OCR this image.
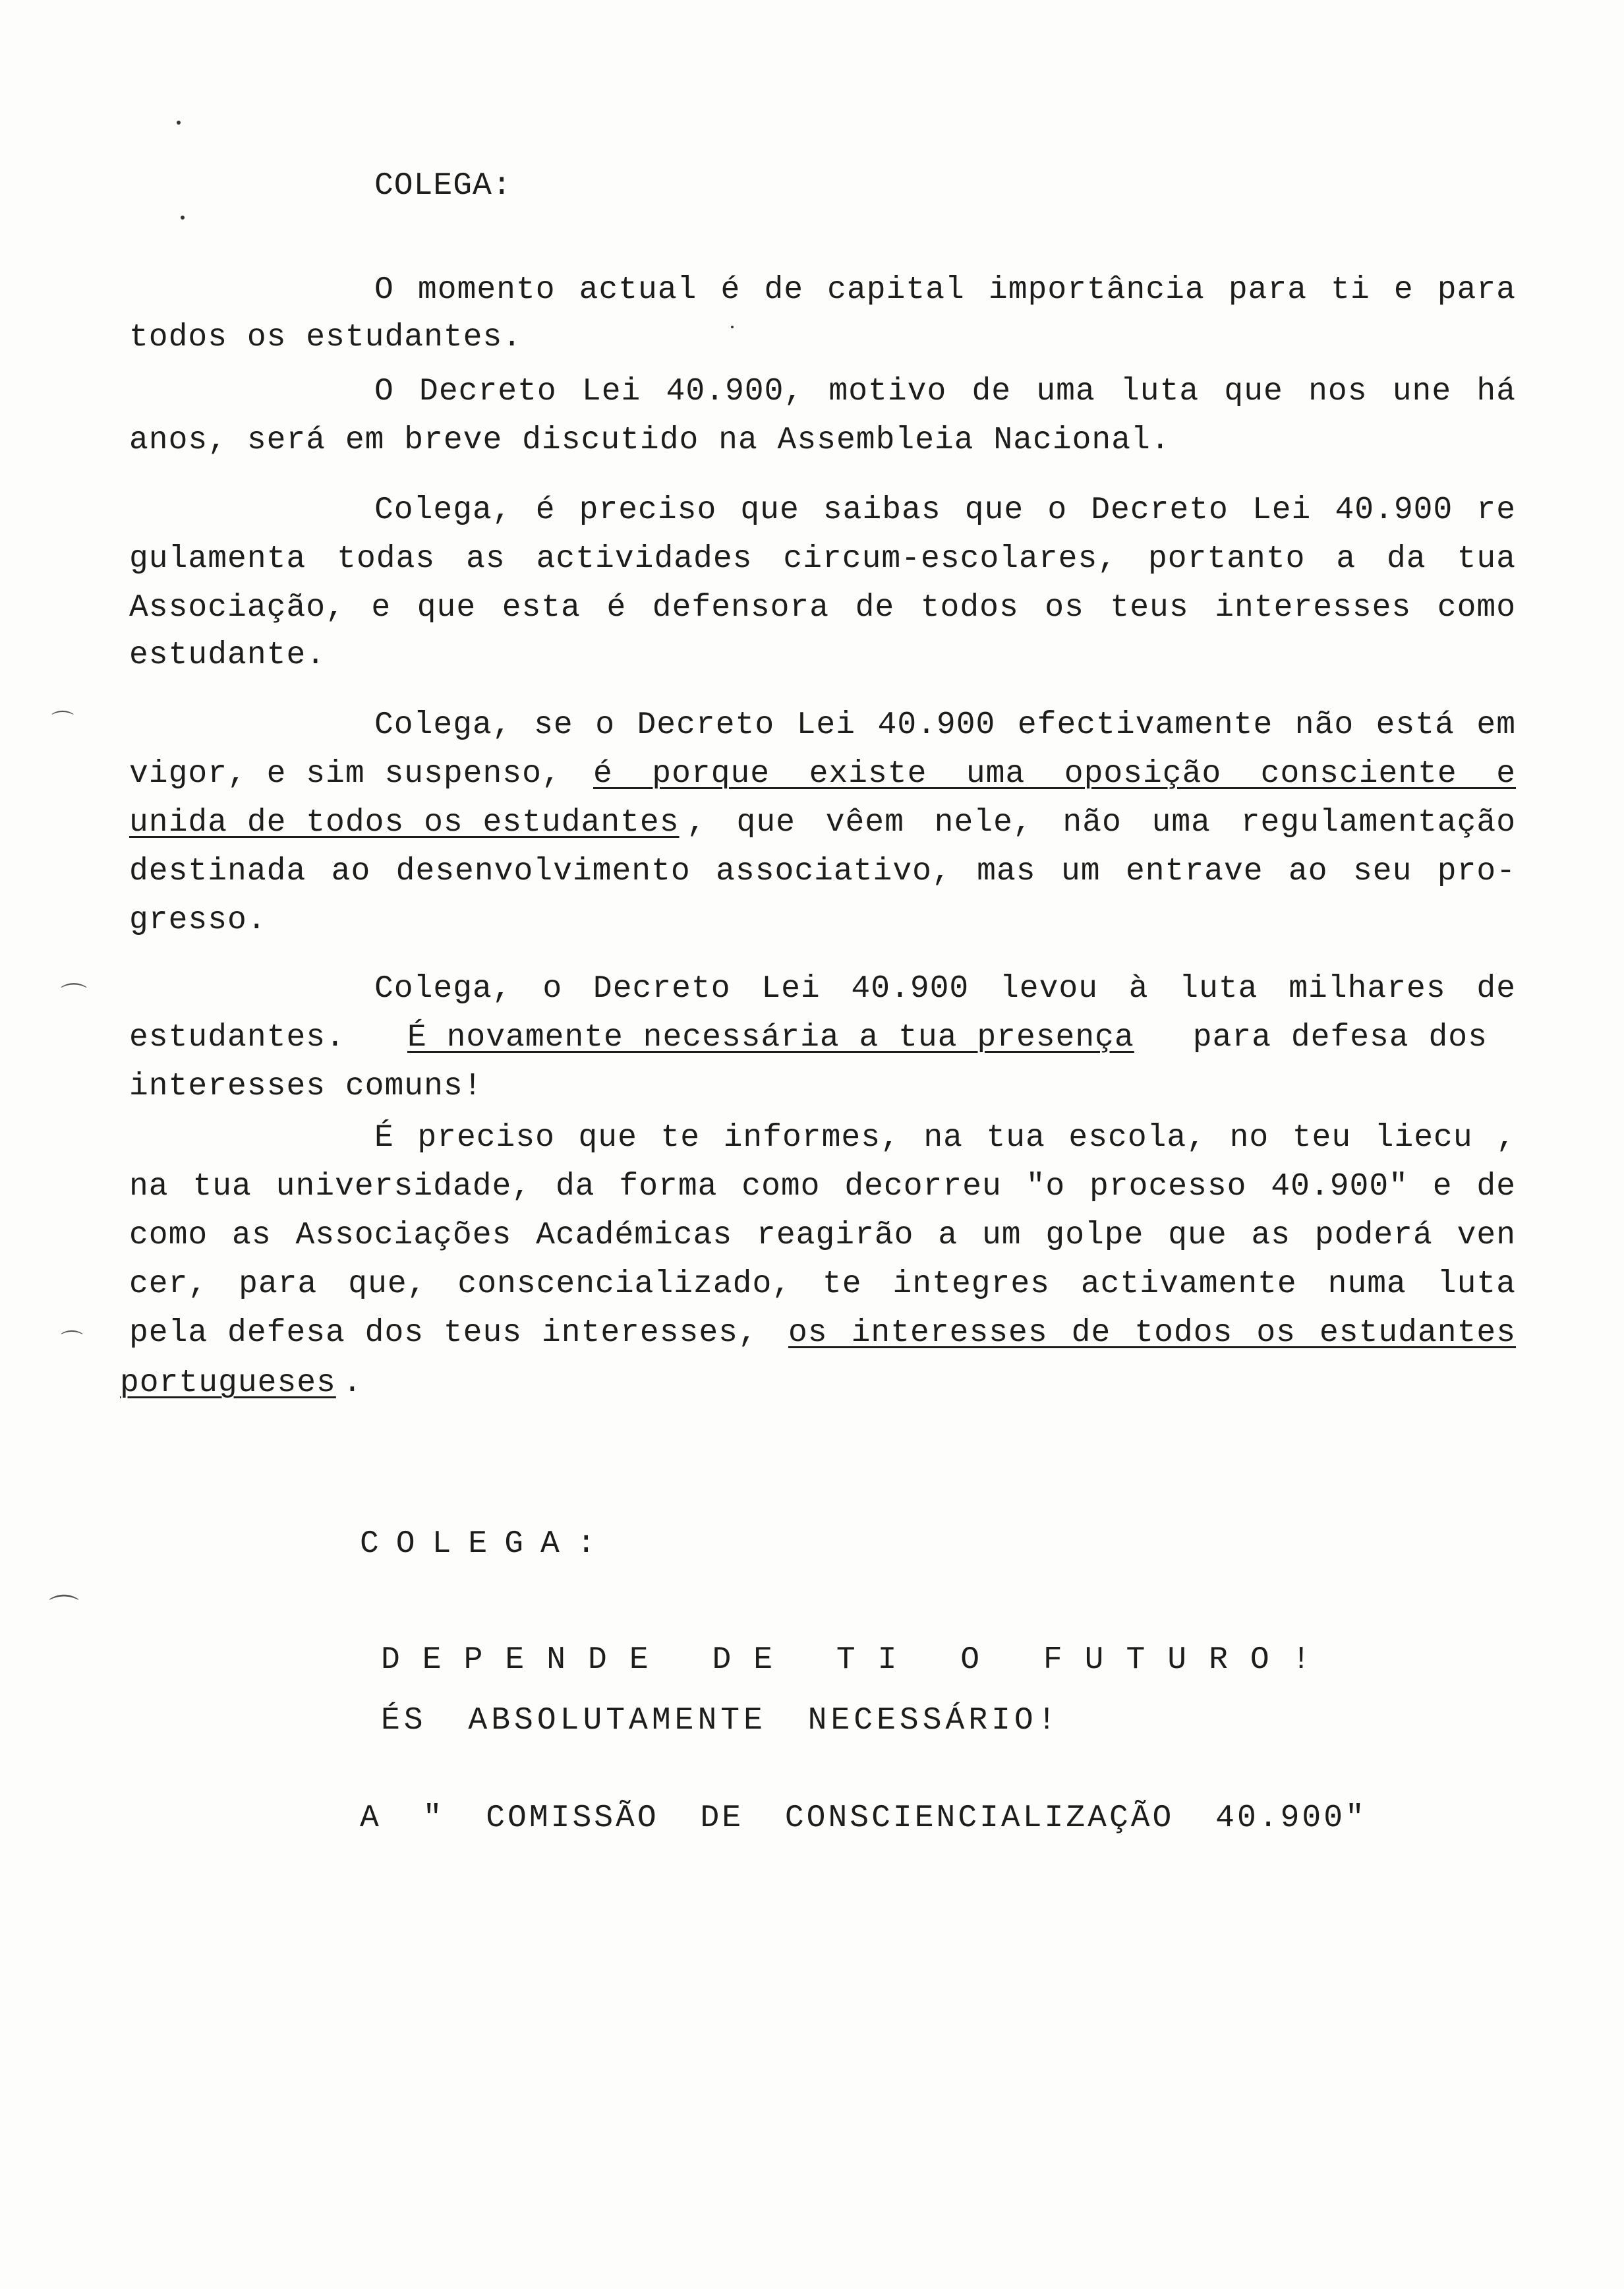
⌒
⌒
⌒
⌒
COLEGA:
O momento actual é de capital importância para ti e para
todos os estudantes.
O Decreto Lei 40.900, motivo de uma luta que nos une há
anos, será em breve discutido na Assembleia Nacional.
Colega, é preciso que saibas que o Decreto Lei 40.900 re
gulamenta todas as actividades circum-escolares, portanto a da tua
Associação, e que esta é defensora de todos os teus interesses como
estudante.
Colega, se o Decreto Lei 40.900 efectivamente não está em
vigor, e sim suspenso, é porque existe uma oposição consciente e
unida de todos os estudantes , que vêem nele, não uma regulamentação
destinada ao desenvolvimento associativo, mas um entrave ao seu pro-
gresso.
Colega, o Decreto Lei 40.900 levou à luta milhares de
estudantes. É novamente necessária a tua presença para defesa dos
interesses comuns!
É preciso que te informes, na tua escola, no teu liecu ,
na tua universidade, da forma como decorreu "o processo 40.900" e de
como as Associações Académicas reagirão a um golpe que as poderá ven
cer, para que, conscencializado, te integres activamente numa luta
pela defesa dos teus interesses, os interesses de todos os estudantes
portugueses .
COLEGA:
DEPENDE DE TI O FUTURO!
ÉS ABSOLUTAMENTE NECESSÁRIO!
A " COMISSÃO DE CONSCIENCIALIZAÇÃO 40.900"
